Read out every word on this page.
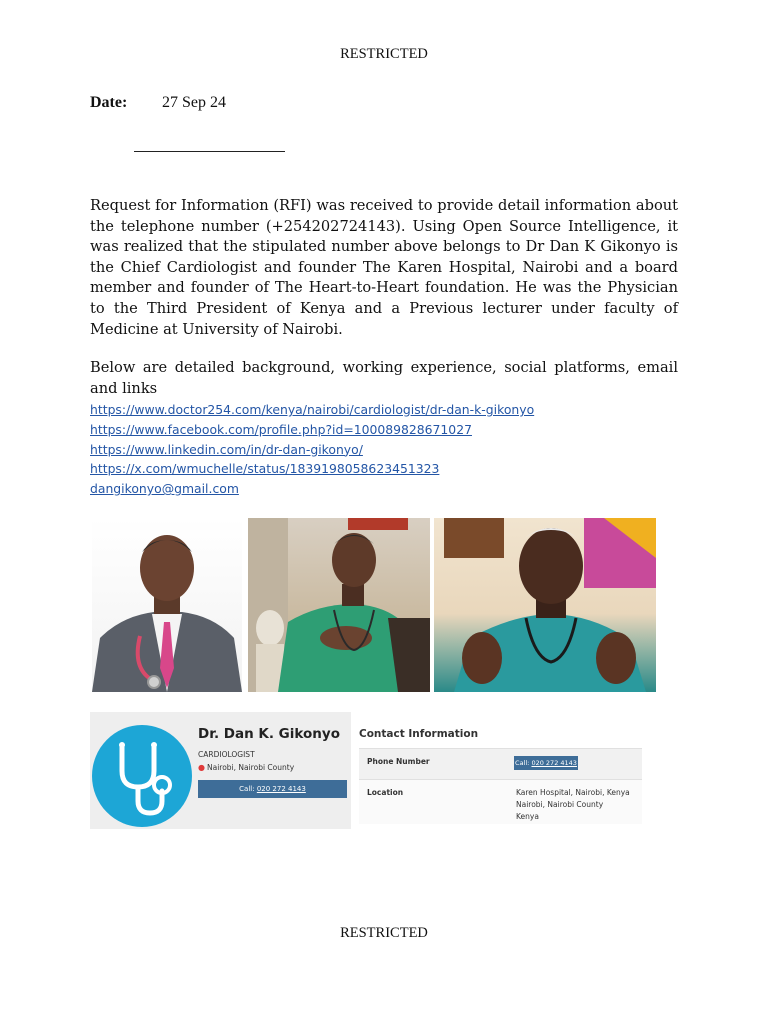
RESTRICTED
Date: 27 Sep 24
Request for Information (RFI) was received to provide detail information about the telephone number (+254202724143). Using Open Source Intelligence, it was realized that the stipulated number above belongs to Dr Dan K Gikonyo is the Chief Cardiologist and founder The Karen Hospital, Nairobi and a board member and founder of The Heart-to-Heart foundation. He was the Physician to the Third President of Kenya and a Previous lecturer under faculty of Medicine at University of Nairobi.
Below are detailed background, working experience, social platforms, email and links
https://www.doctor254.com/kenya/nairobi/cardiologist/dr-dan-k-gikonyo
https://www.facebook.com/profile.php?id=100089828671027
https://www.linkedin.com/in/dr-dan-gikonyo/
https://x.com/wmuchelle/status/1839198058623451323
dangikonyo@gmail.com
Dr. Dan K. Gikonyo
CARDIOLOGIST
● Nairobi, Nairobi County
Call: 020 272 4143
Contact Information
Phone Number	Call: 020 272 4143
Location	Karen Hospital, Nairobi, Kenya
Nairobi, Nairobi County
Kenya
RESTRICTED
